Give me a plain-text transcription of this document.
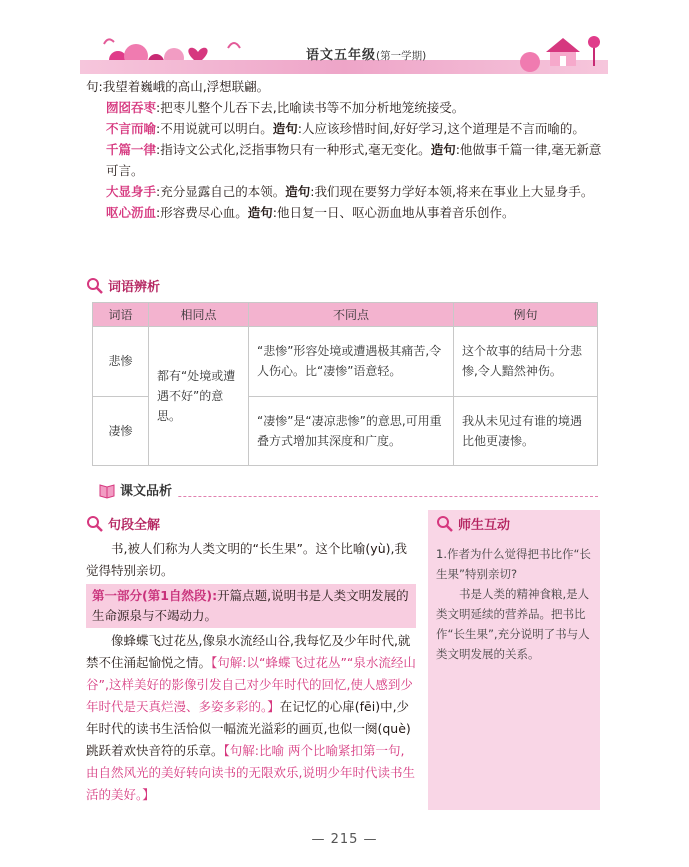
语文五年级(第一学期)

句:我望着巍峨的高山,浮想联翩。

囫囵吞枣:把枣儿整个儿吞下去,比喻读书等不加分析地笼统接受。

不言而喻:不用说就可以明白。造句:人应该珍惜时间,好好学习,这个道理是不言而喻的。

千篇一律:指诗文公式化,泛指事物只有一种形式,毫无变化。造句:他做事千篇一律,毫无新意可言。

大显身手:充分显露自己的本领。造句:我们现在要努力学好本领,将来在事业上大显身手。

呕心沥血:形容费尽心血。造句:他日复一日、呕心沥血地从事着音乐创作。

词语辨析
词语	相同点	不同点	例句
悲惨	都有“处境或遭遇不好”的意思。	“悲惨”形容处境或遭遇极其痛苦,令人伤心。比“凄惨”语意轻。	这个故事的结局十分悲惨,令人黯然神伤。
凄惨		“凄惨”是“凄凉悲惨”的意思,可用重叠方式增加其深度和广度。	我从未见过有谁的境遇比他更凄惨。
课文品析
句段全解

书,被人们称为人类文明的“长生果”。这个比喻(yù),我觉得特别亲切。

第一部分(第1自然段):开篇点题,说明书是人类文明发展的生命源泉与不竭动力。

像蜂蝶飞过花丛,像泉水流经山谷,我每忆及少年时代,就禁不住涌起愉悦之情。【句解:以“蜂蝶飞过花丛”“泉水流经山谷”,这样美好的影像引发自己对少年时代的回忆,使人感到少年时代是天真烂漫、多姿多彩的。】在记忆的心扉(fēi)中,少年时代的读书生活恰似一幅流光溢彩的画页,也似一阕(què)跳跃着欢快音符的乐章。【句解:比喻 两个比喻紧扣第一句,由自然风光的美好转向读书的无限欢乐,说明少年时代读书生活的美好。】

师生互动

1.作者为什么觉得把书比作“长生果”特别亲切?

书是人类的精神食粮,是人类文明延续的营养品。把书比作“长生果”,充分说明了书与人类文明发展的关系。

— 215 —
